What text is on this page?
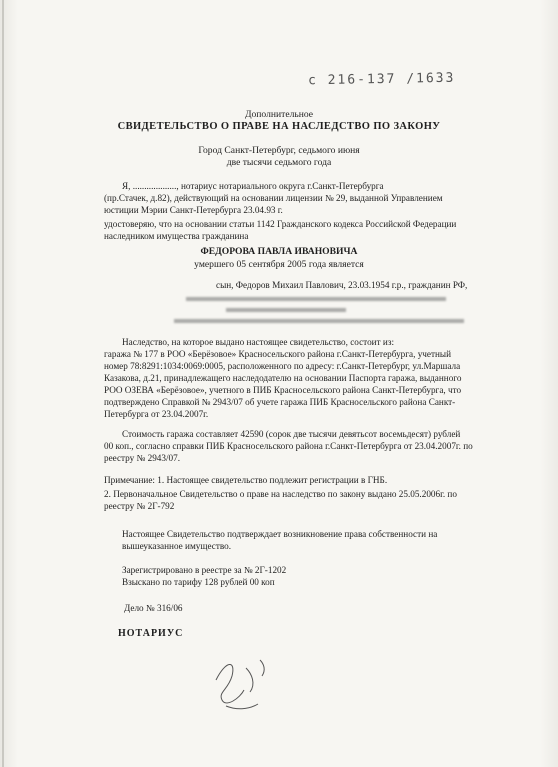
с 216-137 /1633
Дополнительное
СВИДЕТЕЛЬСТВО О ПРАВЕ НА НАСЛЕДСТВО ПО ЗАКОНУ
Город Санкт-Петербург, седьмого июня
две тысячи седьмого года
Я, ..................., нотариус нотариального округа г.Санкт-Петербурга
(пр.Стачек, д.82), действующий на основании лицензии № 29, выданной Управлением
юстиции Мэрии Санкт-Петербурга 23.04.93 г.
удостоверяю, что на основании статьи 1142 Гражданского кодекса Российской Федерации
наследником имущества гражданина
ФЕДОРОВА ПАВЛА ИВАНОВИЧА
умершего 05 сентября 2005 года является
сын, Федоров Михаил Павлович, 23.03.1954 г.р., гражданин РФ,
Наследство, на которое выдано настоящее свидетельство, состоит из:
гаража № 177 в РОО «Берёзовое» Красносельского района г.Санкт-Петербурга, учетный
номер 78:8291:1034:0069:0005, расположенного по адресу: г.Санкт-Петербург, ул.Маршала
Казакова, д.21, принадлежащего наследодателю на основании Паспорта гаража, выданного
РОО ОЗЕВА «Берёзовое», учетного в ПИБ Красносельского района Санкт-Петербурга, что
подтверждено Справкой № 2943/07 об учете гаража ПИБ Красносельского района Санкт-
Петербурга от 23.04.2007г.
Стоимость гаража составляет 42590 (сорок две тысячи девятьсот восемьдесят) рублей
00 коп., согласно справки ПИБ Красносельского района г.Санкт-Петербурга от 23.04.2007г. по
реестру № 2943/07.
Примечание: 1. Настоящее свидетельство подлежит регистрации в ГНБ.
2. Первоначальное Свидетельство о праве на наследство по закону выдано 25.05.2006г. по
реестру № 2Г-792
Настоящее Свидетельство подтверждает возникновение права собственности на
вышеуказанное имущество.
Зарегистрировано в реестре за № 2Г-1202
Взыскано по тарифу 128 рублей 00 коп
Дело № 316/06
НОТАРИУС
